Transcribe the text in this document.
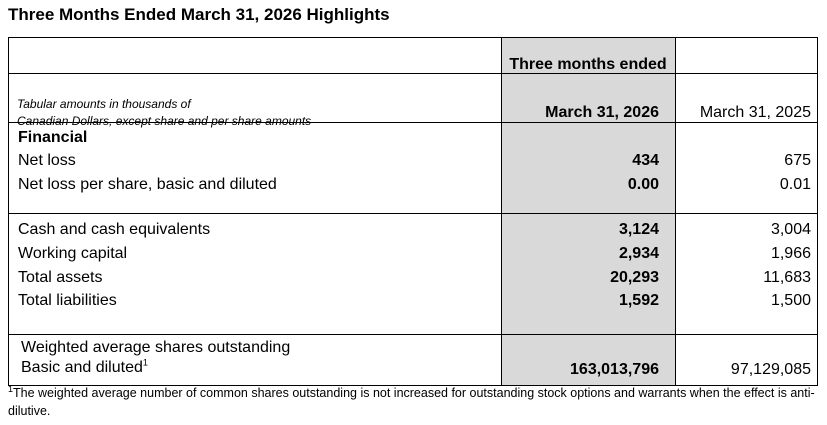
Three Months Ended March 31, 2026 Highlights
Three months ended
Tabular amounts in thousands of
Canadian Dollars, except share and per share amounts	March 31, 2026	March 31, 2025
Financial
Net loss	434	675
Net loss per share, basic and diluted	0.00	0.01
Cash and cash equivalents	3,124	3,004
Working capital	2,934	1,966
Total assets	20,293	11,683
Total liabilities	1,592	1,500
Weighted average shares outstanding
Basic and diluted$^1$	163,013,796	97,129,085
$^1$The weighted average number of common shares outstanding is not increased for outstanding stock options and warrants when the effect is anti-dilutive.
